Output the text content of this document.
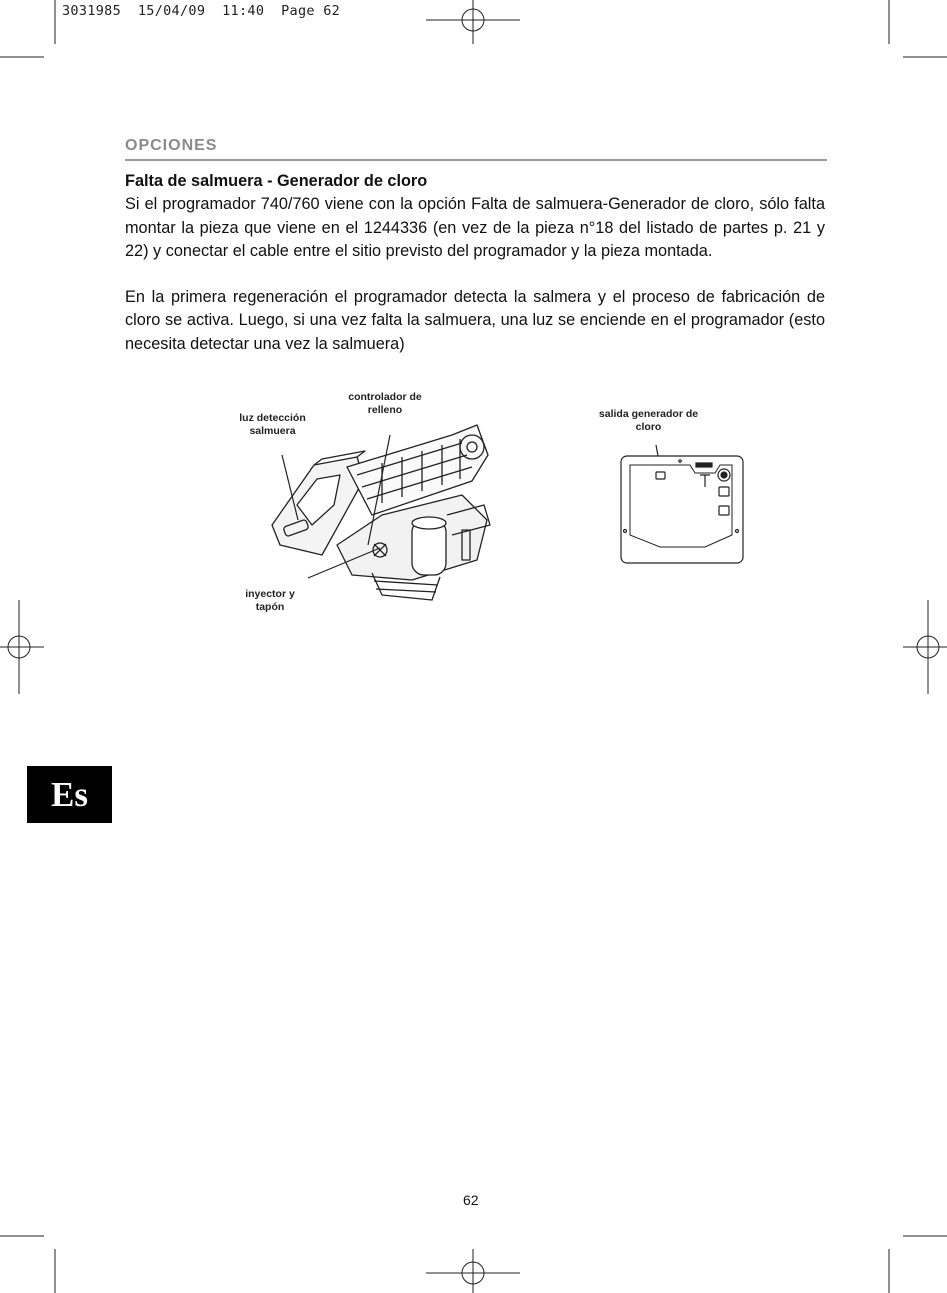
3031985  15/04/09  11:40  Page 62
OPCIONES
Falta de salmuera - Generador de cloro

Si el programador 740/760 viene con la opción Falta de salmuera-Generador de cloro, sólo falta montar la pieza que viene en el 1244336 (en vez de la pieza n°18 del listado de partes p. 21 y 22) y conectar el cable entre el sitio previsto del programador y la pieza montada.

En la primera regeneración el programador detecta la salmera y el proceso de fabricación de cloro se activa. Luego, si una vez falta la salmuera, una luz se enciende en el programador (esto necesita detectar una vez la salmuera)

luz detección salmuera
controlador de relleno
inyector y tapón
salida generador de cloro
Es
62
